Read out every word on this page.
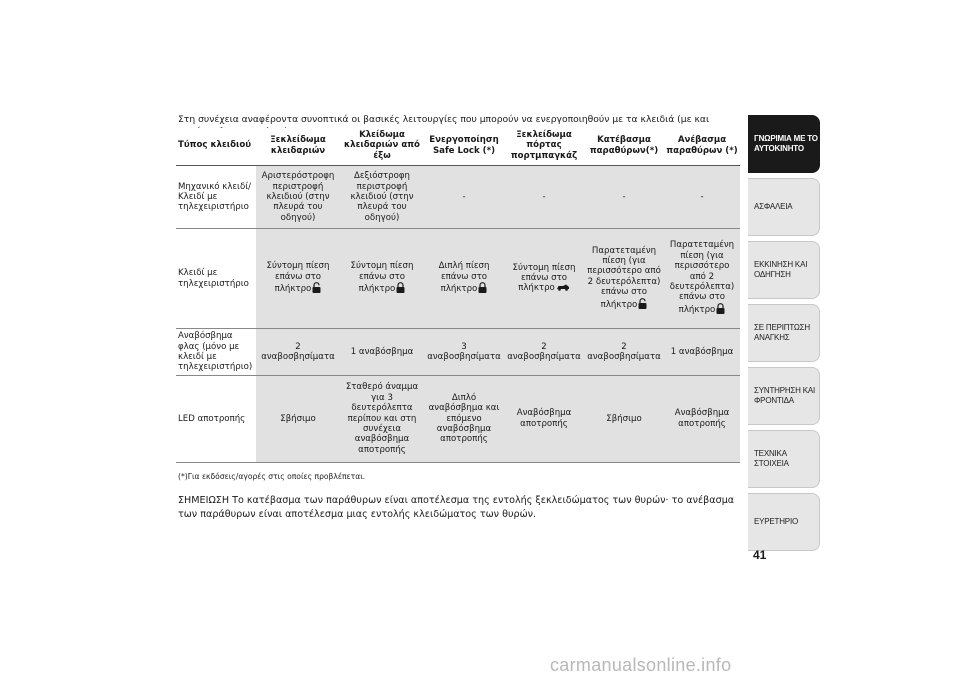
Στη συνέχεια αναφέροντα συνοπτικά οι βασικές λειτουργίες που μπορούν να ενεργοποιηθούν με τα κλειδιά (με και
Τύπος κλειδιού	Ξεκλείδωμα κλειδαριών	Κλείδωμα κλειδαριών από έξω	Ενεργοποίηση Safe Lock (*)	Ξεκλείδωμα πόρτας πορτμπαγκάζ	Κατέβασμα παραθύρων(*)	Ανέβασμα παραθύρων (*)
Μηχανικό κλειδί/ Κλειδί με τηλεχειριστήριο	Αριστερόστροφη περιστροφή κλειδιού (στην πλευρά του οδηγού)	Δεξιόστροφη περιστροφή κλειδιού (στην πλευρά του οδηγού)	-	-	-	-
Κλειδί με τηλεχειριστήριο	Σύντομη πίεση επάνω στο πλήκτρο	Σύντομη πίεση επάνω στο πλήκτρο	Διπλή πίεση επάνω στο πλήκτρο	Σύντομη πίεση επάνω στο πλήκτρο	Παρατεταμένη πίεση (για περισσότερο από 2 δευτερόλεπτα) επάνω στο πλήκτρο	Παρατεταμένη πίεση (για περισσότερο από 2 δευτερόλεπτα) επάνω στο πλήκτρο
Αναβόσβημα φλας (μόνο με κλειδί με τηλεχειριστήριο)	2 αναβοσβησίματα	1 αναβόσβημα	3 αναβοσβησίματα	2 αναβοσβησίματα	2 αναβοσβησίματα	1 αναβόσβημα
LED αποτροπής	Σβήσιμο	Σταθερό άναμμα για 3 δευτερόλεπτα περίπου και στη συνέχεια αναβόσβημα αποτροπής	Διπλό αναβόσβημα και επόμενο αναβόσβημα αποτροπής	Αναβόσβημα αποτροπής	Σβήσιμο	Αναβόσβημα αποτροπής
(*)Για εκδόσεις/αγορές στις οποίες προβλέπεται.
ΣΗΜΕΙΩΣΗ Το κατέβασμα των παράθυρων είναι αποτέλεσμα της εντολής ξεκλειδώματος των θυρών· το ανέβασμα των παράθυρων είναι αποτέλεσμα μιας εντολής κλειδώματος των θυρών.
ΓΝΩΡΙΜΙΑ ΜΕ ΤΟ ΑΥΤΟΚΙΝΗΤΟ
ΑΣΦΑΛΕΙΑ
ΕΚΚΙΝΗΣΗ ΚΑΙ ΟΔΗΓΗΣΗ
ΣΕ ΠΕΡΙΠΤΩΣΗ ΑΝΑΓΚΗΣ
ΣΥΝΤΗΡΗΣΗ ΚΑΙ ΦΡΟΝΤΙΔΑ
ΤΕΧΝΙΚΑ ΣΤΟΙΧΕΙΑ
ΕΥΡΕΤΗΡΙΟ
41
carmanualsonline.info
